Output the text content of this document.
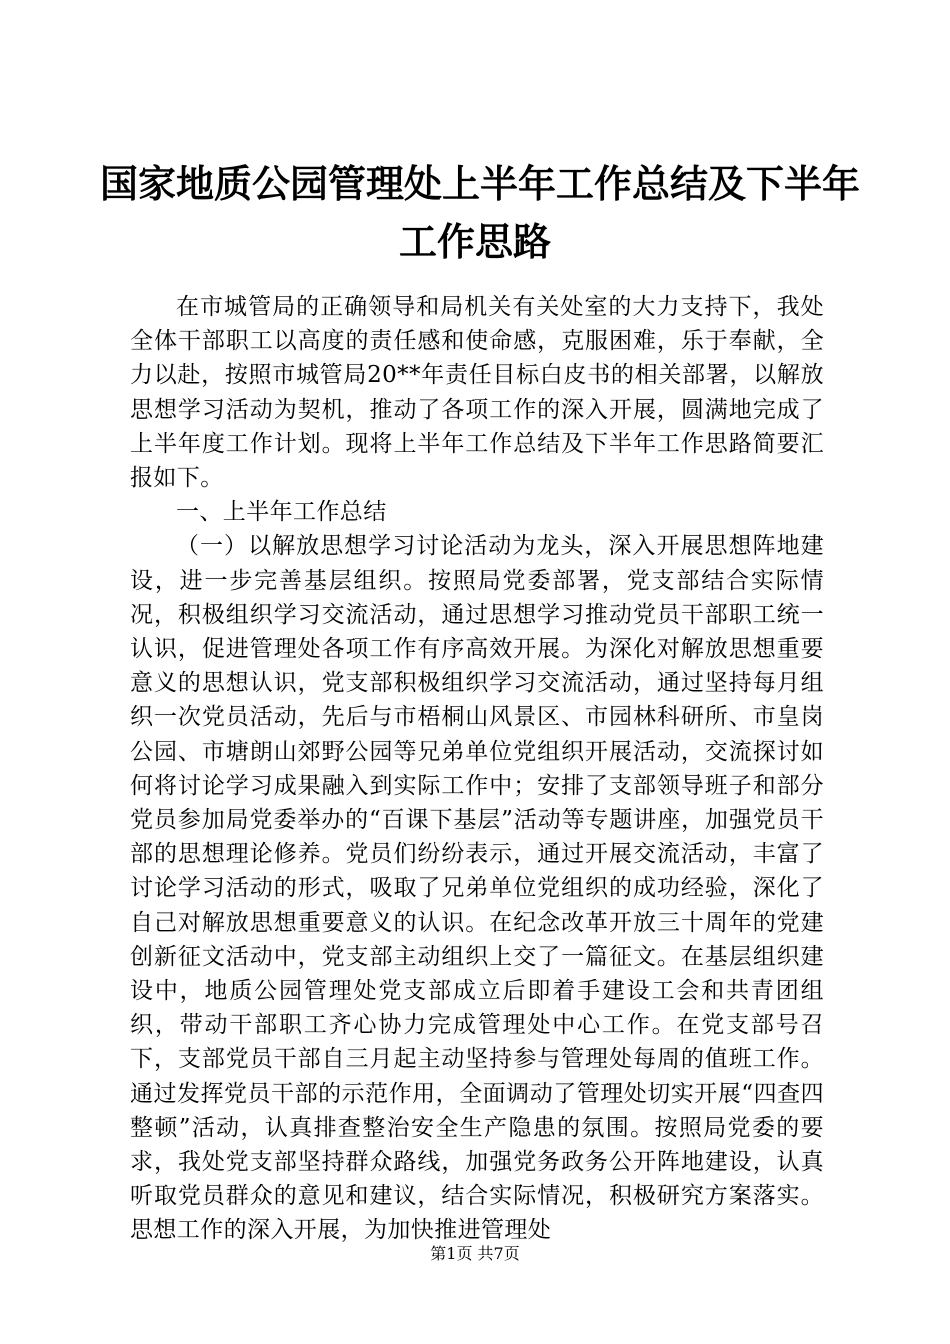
国家地质公园管理处上半年工作总结及下半年
工作思路

在市城管局的正确领导和局机关有关处室的大力支持下，我处全体干部职工以高度的责任感和使命感，克服困难，乐于奉献，全力以赴，按照市城管局20**年责任目标白皮书的相关部署，以解放思想学习活动为契机，推动了各项工作的深入开展，圆满地完成了上半年度工作计划。现将上半年工作总结及下半年工作思路简要汇报如下。

一、上半年工作总结

（一）以解放思想学习讨论活动为龙头，深入开展思想阵地建设，进一步完善基层组织。按照局党委部署，党支部结合实际情况，积极组织学习交流活动，通过思想学习推动党员干部职工统一认识，促进管理处各项工作有序高效开展。为深化对解放思想重要意义的思想认识，党支部积极组织学习交流活动，通过坚持每月组织一次党员活动，先后与市梧桐山风景区、市园林科研所、市皇岗公园、市塘朗山郊野公园等兄弟单位党组织开展活动，交流探讨如何将讨论学习成果融入到实际工作中；安排了支部领导班子和部分党员参加局党委举办的“百课下基层”活动等专题讲座，加强党员干部的思想理论修养。党员们纷纷表示，通过开展交流活动，丰富了讨论学习活动的形式，吸取了兄弟单位党组织的成功经验，深化了自己对解放思想重要意义的认识。在纪念改革开放三十周年的党建创新征文活动中，党支部主动组织上交了一篇征文。在基层组织建设中，地质公园管理处党支部成立后即着手建设工会和共青团组织，带动干部职工齐心协力完成管理处中心工作。在党支部号召下，支部党员干部自三月起主动坚持参与管理处每周的值班工作。通过发挥党员干部的示范作用，全面调动了管理处切实开展“四查四整顿”活动，认真排查整治安全生产隐患的氛围。按照局党委的要求，我处党支部坚持群众路线，加强党务政务公开阵地建设，认真听取党员群众的意见和建议，结合实际情况，积极研究方案落实。思想工作的深入开展，为加快推进管理处

第1页 共7页
